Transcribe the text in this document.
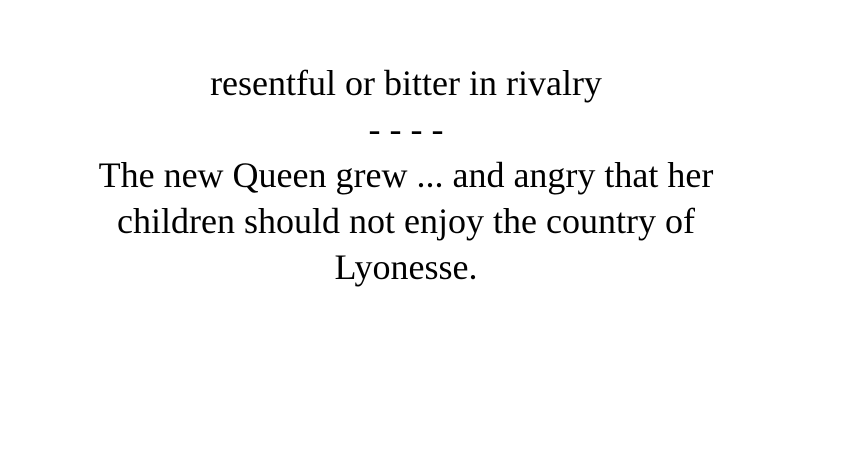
resentful or bitter in rivalry
- - - -
The new Queen grew ... and angry that her
children should not enjoy the country of
Lyonesse.
